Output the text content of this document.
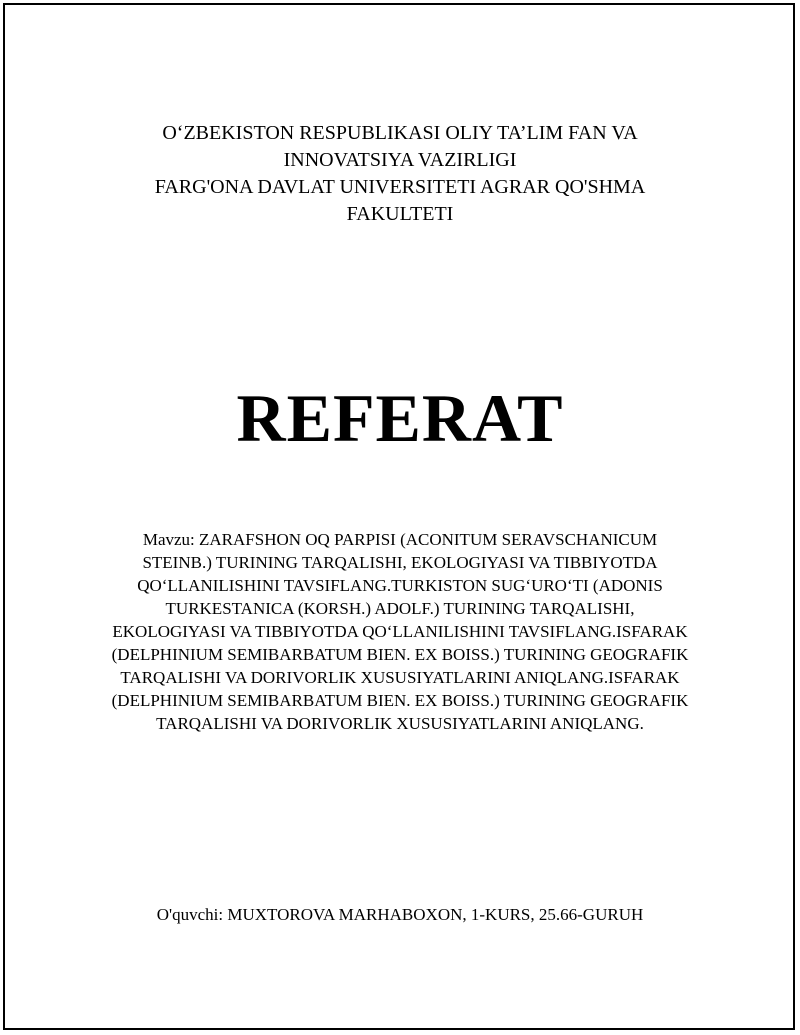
O‘ZBEKISTON RESPUBLIKASI OLIY TA’LIM FAN VA
INNOVATSIYA VAZIRLIGI
FARG'ONA DAVLAT UNIVERSITETI AGRAR QO'SHMA
FAKULTETI
REFERAT
Mavzu: ZARAFSHON OQ PARPISI (ACONITUM SERAVSCHANICUM STEINB.) TURINING TARQALISHI, EKOLOGIYASI VA TIBBIYOTDA QO‘LLANILISHINI TAVSIFLANG.TURKISTON SUG‘URO‘TI (ADONIS TURKESTANICA (KORSH.) ADOLF.) TURINING TARQALISHI, EKOLOGIYASI VA TIBBIYOTDA QO‘LLANILISHINI TAVSIFLANG.ISFARAK (DELPHINIUM SEMIBARBATUM BIEN. EX BOISS.) TURINING GEOGRAFIK TARQALISHI VA DORIVORLIK XUSUSIYATLARINI ANIQLANG.ISFARAK (DELPHINIUM SEMIBARBATUM BIEN. EX BOISS.) TURINING GEOGRAFIK TARQALISHI VA DORIVORLIK XUSUSIYATLARINI ANIQLANG.
O'quvchi: MUXTOROVA MARHABOXON, 1-KURS, 25.66-GURUH
